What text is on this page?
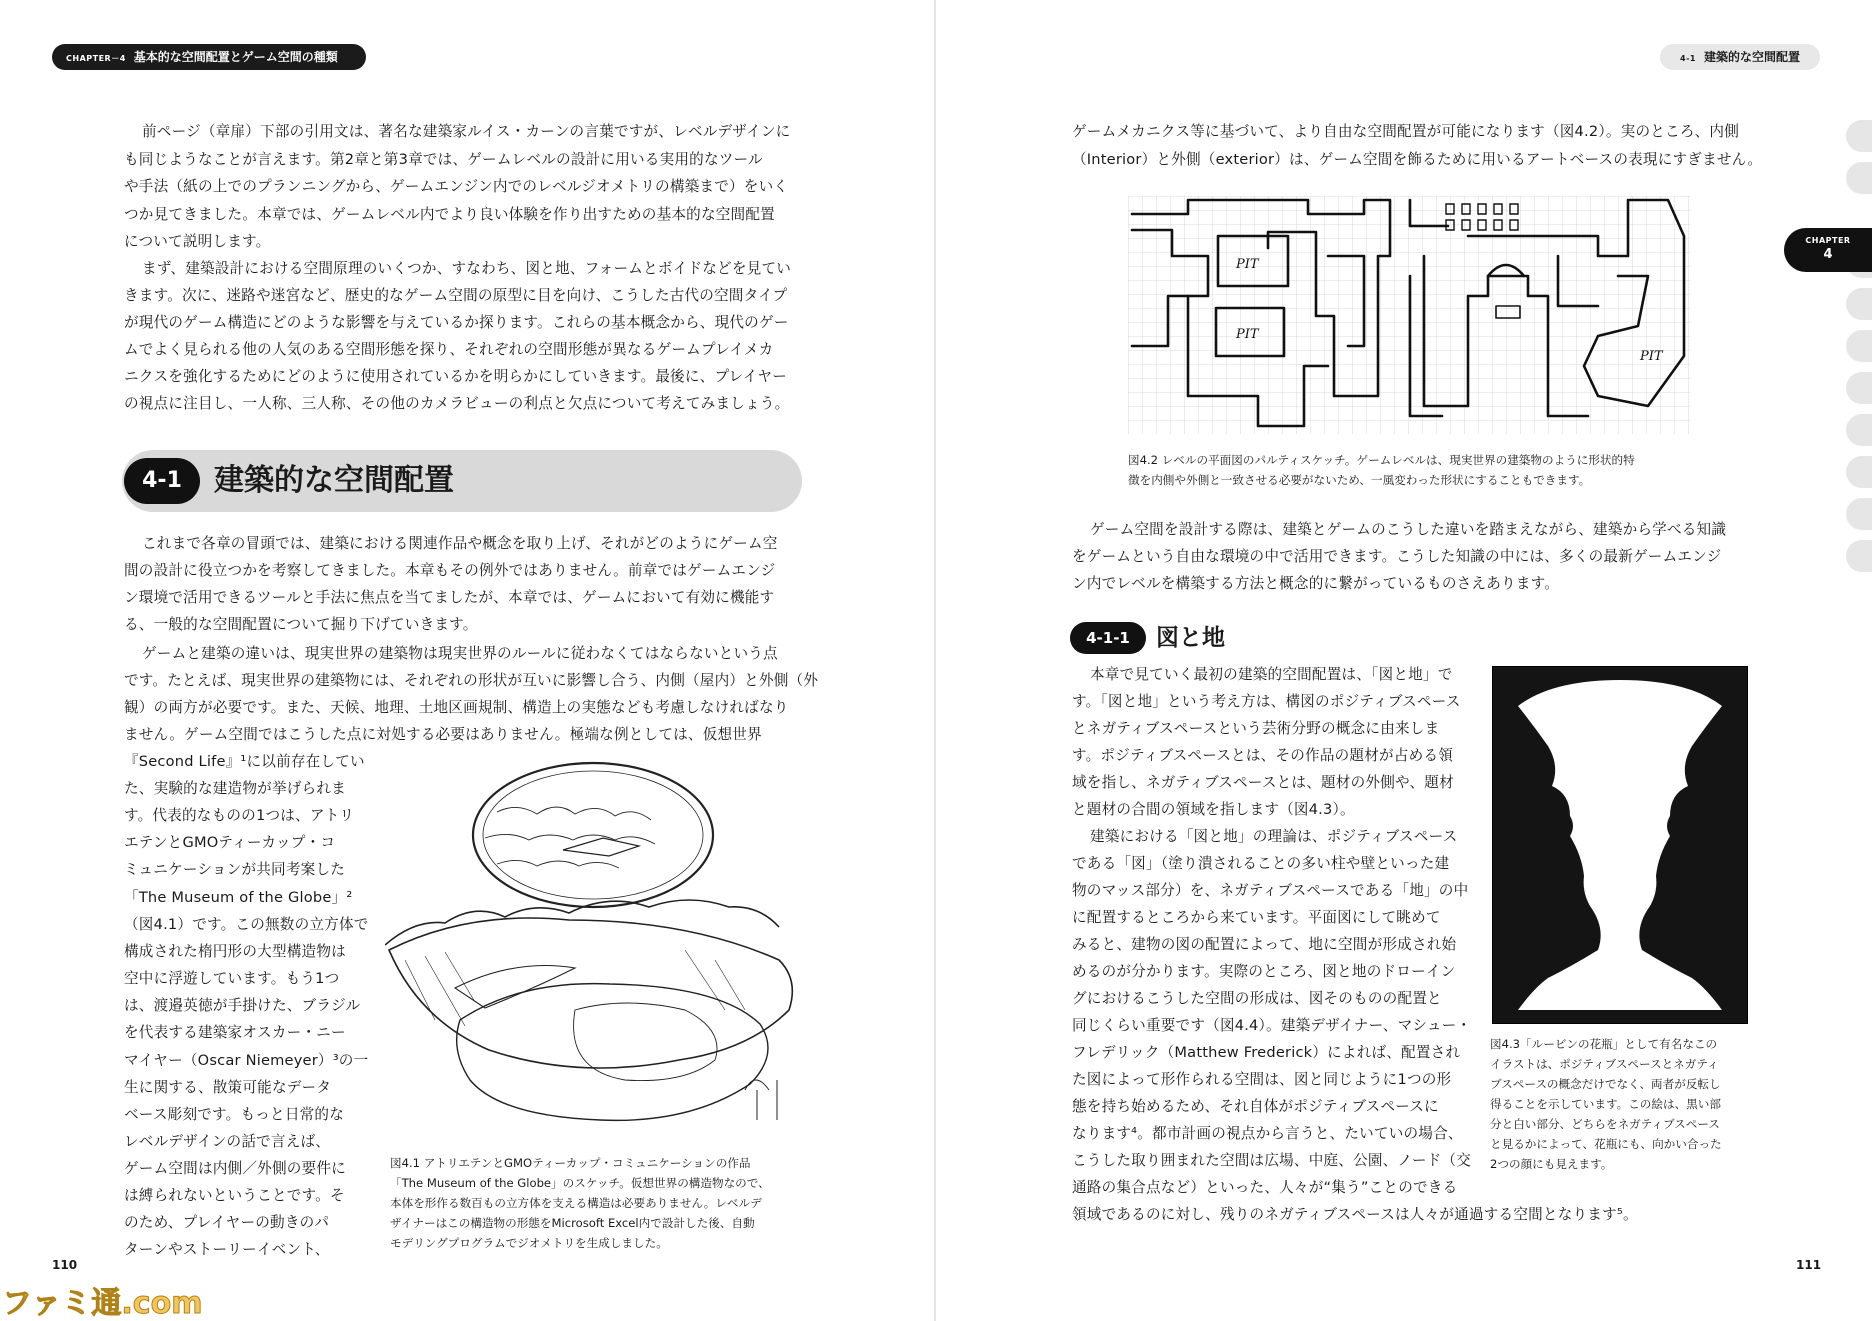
CHAPTER－4 基本的な空間配置とゲーム空間の種類
前ページ（章扉）下部の引用文は、著名な建築家ルイス・カーンの言葉ですが、レベルデザインに
も同じようなことが言えます。第2章と第3章では、ゲームレベルの設計に用いる実用的なツール
や手法（紙の上でのプランニングから、ゲームエンジン内でのレベルジオメトリの構築まで）をいく
つか見てきました。本章では、ゲームレベル内でより良い体験を作り出すための基本的な空間配置
について説明します。
まず、建築設計における空間原理のいくつか、すなわち、図と地、フォームとボイドなどを見てい
きます。次に、迷路や迷宮など、歴史的なゲーム空間の原型に目を向け、こうした古代の空間タイプ
が現代のゲーム構造にどのような影響を与えているか探ります。これらの基本概念から、現代のゲー
ムでよく見られる他の人気のある空間形態を探り、それぞれの空間形態が異なるゲームプレイメカ
ニクスを強化するためにどのように使用されているかを明らかにしていきます。最後に、プレイヤー
の視点に注目し、一人称、三人称、その他のカメラビューの利点と欠点について考えてみましょう。
4-1	建築的な空間配置
これまで各章の冒頭では、建築における関連作品や概念を取り上げ、それがどのようにゲーム空
間の設計に役立つかを考察してきました。本章もその例外ではありません。前章ではゲームエンジ
ン環境で活用できるツールと手法に焦点を当てましたが、本章では、ゲームにおいて有効に機能す
る、一般的な空間配置について掘り下げていきます。
ゲームと建築の違いは、現実世界の建築物は現実世界のルールに従わなくてはならないという点
です。たとえば、現実世界の建築物には、それぞれの形状が互いに影響し合う、内側（屋内）と外側（外
観）の両方が必要です。また、天候、地理、土地区画規制、構造上の実態なども考慮しなければなり
ません。ゲーム空間ではこうした点に対処する必要はありません。極端な例としては、仮想世界
『Second Life』¹に以前存在してい
た、実験的な建造物が挙げられま
す。代表的なものの1つは、アトリ
エテンとGMOティーカップ・コ
ミュニケーションが共同考案した
「The Museum of the Globe」²
（図4.1）です。この無数の立方体で
構成された楕円形の大型構造物は
空中に浮遊しています。もう1つ
は、渡邉英徳が手掛けた、ブラジル
を代表する建築家オスカー・ニー
マイヤー（Oscar Niemeyer）³の一
生に関する、散策可能なデータ
ベース彫刻です。もっと日常的な
レベルデザインの話で言えば、
ゲーム空間は内側／外側の要件に
は縛られないということです。そ
のため、プレイヤーの動きのパ
ターンやストーリーイベント、
図4.1 アトリエテンとGMOティーカップ・コミュニケーションの作品
「The Museum of the Globe」のスケッチ。仮想世界の構造物なので、
本体を形作る数百もの立方体を支える構造は必要ありません。レベルデ
ザイナーはこの構造物の形態をMicrosoft Excel内で設計した後、自動
モデリングプログラムでジオメトリを生成しました。
110
ファミ通.com
4-1 建築的な空間配置
CHAPTER
4
ゲームメカニクス等に基づいて、より自由な空間配置が可能になります（図4.2）。実のところ、内側
（Interior）と外側（exterior）は、ゲーム空間を飾るために用いるアートベースの表現にすぎません。
PIT
PIT
PIT
図4.2 レベルの平面図のパルティスケッチ。ゲームレベルは、現実世界の建築物のように形状的特
徴を内側や外側と一致させる必要がないため、一風変わった形状にすることもできます。
ゲーム空間を設計する際は、建築とゲームのこうした違いを踏まえながら、建築から学べる知識
をゲームという自由な環境の中で活用できます。こうした知識の中には、多くの最新ゲームエンジ
ン内でレベルを構築する方法と概念的に繋がっているものさえあります。
4-1-1	図と地
本章で見ていく最初の建築的空間配置は、「図と地」で
す。「図と地」という考え方は、構図のポジティブスペース
とネガティブスペースという芸術分野の概念に由来しま
す。ポジティブスペースとは、その作品の題材が占める領
域を指し、ネガティブスペースとは、題材の外側や、題材
と題材の合間の領域を指します（図4.3）。
建築における「図と地」の理論は、ポジティブスペース
である「図」（塗り潰されることの多い柱や壁といった建
物のマッス部分）を、ネガティブスペースである「地」の中
に配置するところから来ています。平面図にして眺めて
みると、建物の図の配置によって、地に空間が形成され始
めるのが分かります。実際のところ、図と地のドローイン
グにおけるこうした空間の形成は、図そのものの配置と
同じくらい重要です（図4.4）。建築デザイナー、マシュー・
フレデリック（Matthew Frederick）によれば、配置され
た図によって形作られる空間は、図と同じように1つの形
態を持ち始めるため、それ自体がポジティブスペースに
なります⁴。都市計画の視点から言うと、たいていの場合、
こうした取り囲まれた空間は広場、中庭、公園、ノード（交
通路の集合点など）といった、人々が“集う”ことのできる
領域であるのに対し、残りのネガティブスペースは人々が通過する空間となります⁵。
図4.3「ルービンの花瓶」として有名なこの
イラストは、ポジティブスペースとネガティ
ブスペースの概念だけでなく、両者が反転し
得ることを示しています。この絵は、黒い部
分と白い部分、どちらをネガティブスペース
と見るかによって、花瓶にも、向かい合った
2つの顔にも見えます。
111
